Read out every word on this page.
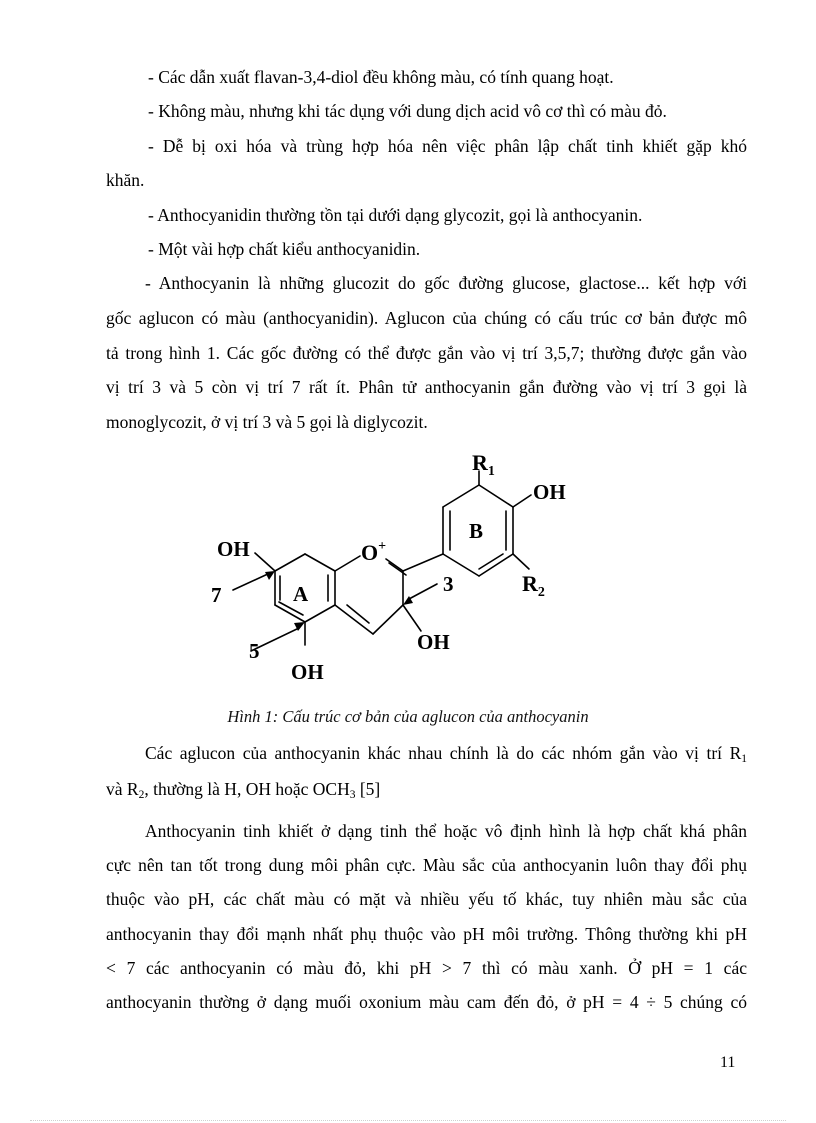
- Các dẫn xuất flavan-3,4-diol đều không màu, có tính quang hoạt.
- Không màu, nhưng khi tác dụng với dung dịch acid vô cơ thì có màu đỏ.
- Dễ bị oxi hóa và trùng hợp hóa nên việc phân lập chất tinh khiết gặp khó
khăn.
- Anthocyanidin thường tồn tại dưới dạng glycozit, gọi là anthocyanin.
- Một vài hợp chất kiểu anthocyanidin.
- Anthocyanin là những glucozit do gốc đường glucose, glactose... kết hợp với
gốc aglucon có màu (anthocyanidin). Aglucon của chúng có cấu trúc cơ bản được mô
tả trong hình 1. Các gốc đường có thể được gắn vào vị trí 3,5,7; thường được gắn vào
vị trí 3 và 5 còn vị trí 7 rất ít. Phân tử anthocyanin gắn đường vào vị trí 3 gọi là
monoglycozit, ở vị trí 3 và 5 gọi là diglycozit.
$R_1$
OH
B
O+
OH
7	A	3	$R_2$
OH
5
OH
Hình 1: Cấu trúc cơ bản của aglucon của anthocyanin
Các aglucon của anthocyanin khác nhau chính là do các nhóm gắn vào vị trí $R_1$
và $R_2$, thường là H, OH hoặc $OCH_3$ [5]
Anthocyanin tinh khiết ở dạng tinh thể hoặc vô định hình là hợp chất khá phân
cực nên tan tốt trong dung môi phân cực. Màu sắc của anthocyanin luôn thay đổi phụ
thuộc vào pH, các chất màu có mặt và nhiều yếu tố khác, tuy nhiên màu sắc của
anthocyanin thay đổi mạnh nhất phụ thuộc vào pH môi trường. Thông thường khi pH
< 7 các anthocyanin có màu đỏ, khi pH > 7 thì có màu xanh. Ở pH = 1 các
anthocyanin thường ở dạng muối oxonium màu cam đến đỏ, ở pH = 4 ÷ 5 chúng có
11
